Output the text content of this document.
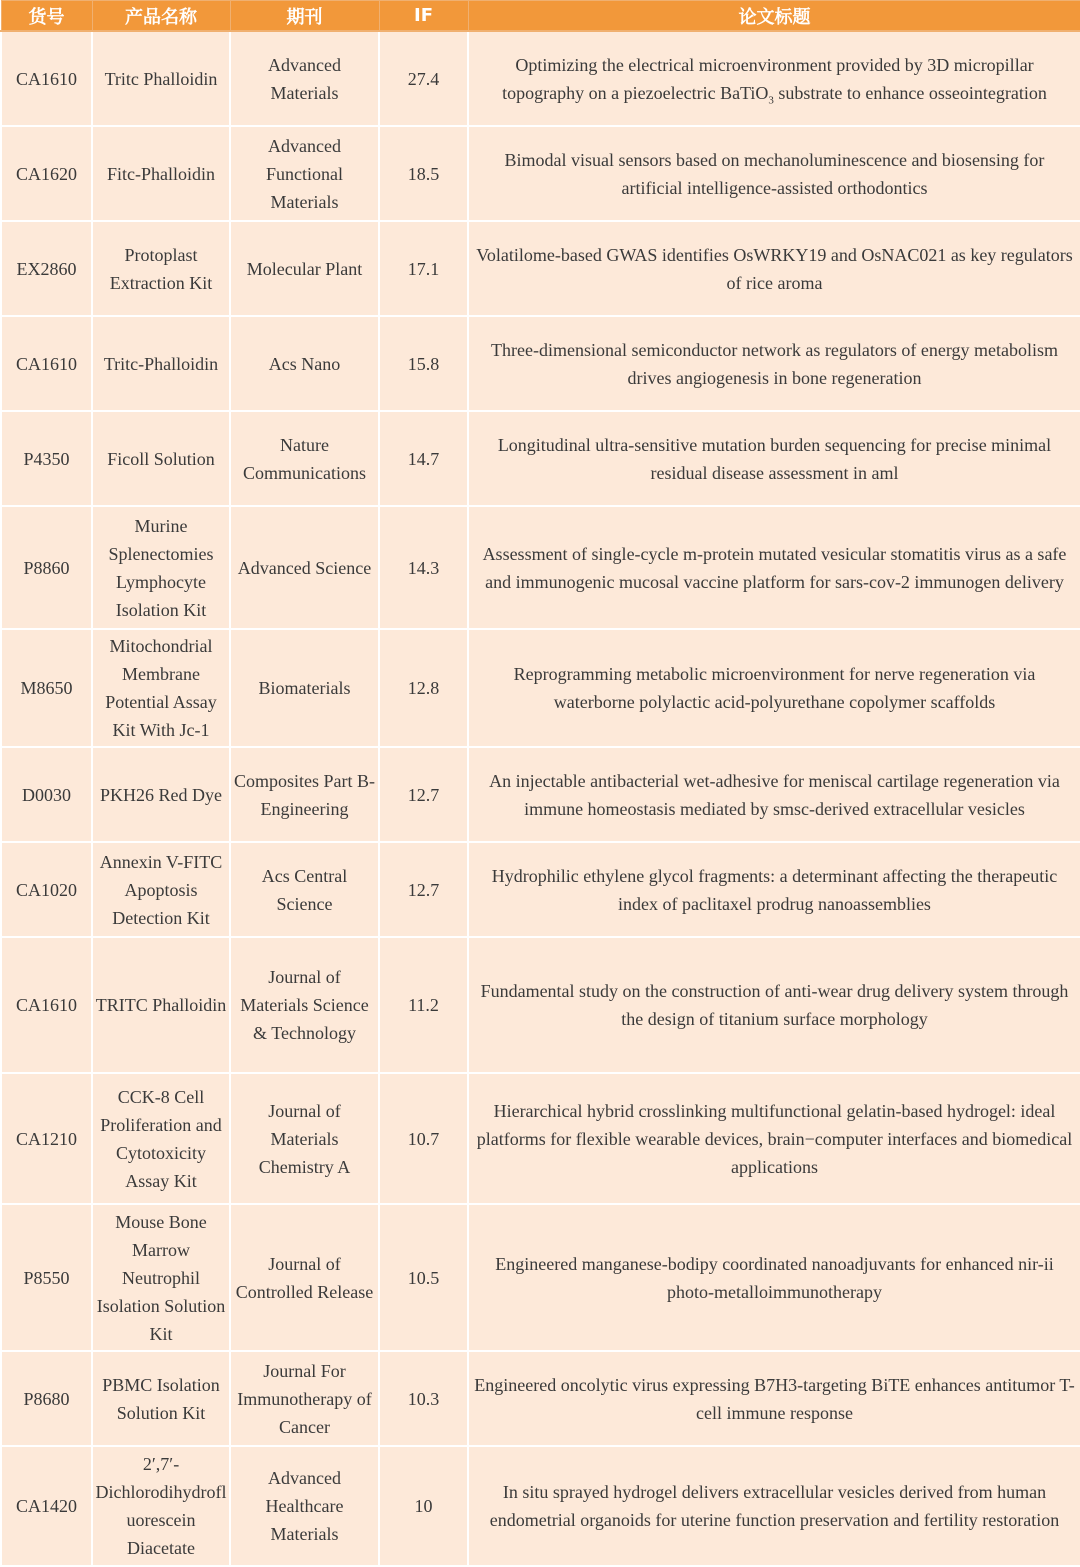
货号	产品名称	期刊	IF	论文标题
CA1610	Tritc Phalloidin	Advanced Materials	27.4	Optimizing the electrical microenvironment provided by 3D micropillar topography on a piezoelectric BaTiO$_3$ substrate to enhance osseointegration
CA1620	Fitc-Phalloidin	Advanced Functional Materials	18.5	Bimodal visual sensors based on mechanoluminescence and biosensing for artificial intelligence-assisted orthodontics
EX2860	Protoplast Extraction Kit	Molecular Plant	17.1	Volatilome-based GWAS identifies OsWRKY19 and OsNAC021 as key regulators of rice aroma
CA1610	Tritc-Phalloidin	Acs Nano	15.8	Three-dimensional semiconductor network as regulators of energy metabolism drives angiogenesis in bone regeneration
P4350	Ficoll Solution	Nature Communications	14.7	Longitudinal ultra-sensitive mutation burden sequencing for precise minimal residual disease assessment in aml
P8860	Murine Splenectomies Lymphocyte Isolation Kit	Advanced Science	14.3	Assessment of single-cycle m-protein mutated vesicular stomatitis virus as a safe and immunogenic mucosal vaccine platform for sars-cov-2 immunogen delivery
M8650	Mitochondrial Membrane Potential Assay Kit With Jc-1	Biomaterials	12.8	Reprogramming metabolic microenvironment for nerve regeneration via waterborne polylactic acid-polyurethane copolymer scaffolds
D0030	PKH26 Red Dye	Composites Part B-Engineering	12.7	An injectable antibacterial wet-adhesive for meniscal cartilage regeneration via immune homeostasis mediated by smsc-derived extracellular vesicles
CA1020	Annexin V-FITC Apoptosis Detection Kit	Acs Central Science	12.7	Hydrophilic ethylene glycol fragments: a determinant affecting the therapeutic index of paclitaxel prodrug nanoassemblies
CA1610	TRITC Phalloidin	Journal of Materials Science & Technology	11.2	Fundamental study on the construction of anti-wear drug delivery system through the design of titanium surface morphology
CA1210	CCK-8 Cell Proliferation and Cytotoxicity Assay Kit	Journal of Materials Chemistry A	10.7	Hierarchical hybrid crosslinking multifunctional gelatin-based hydrogel: ideal platforms for flexible wearable devices, brain−computer interfaces and biomedical applications
P8550	Mouse Bone Marrow Neutrophil Isolation Solution Kit	Journal of Controlled Release	10.5	Engineered manganese-bodipy coordinated nanoadjuvants for enhanced nir-ii photo-metalloimmunotherapy
P8680	PBMC Isolation Solution Kit	Journal For Immunotherapy of Cancer	10.3	Engineered oncolytic virus expressing B7H3-targeting BiTE enhances antitumor T-cell immune response
CA1420	2′,7′-Dichlorodihydrofluorescein Diacetate	Advanced Healthcare Materials	10	In situ sprayed hydrogel delivers extracellular vesicles derived from human endometrial organoids for uterine function preservation and fertility restoration
